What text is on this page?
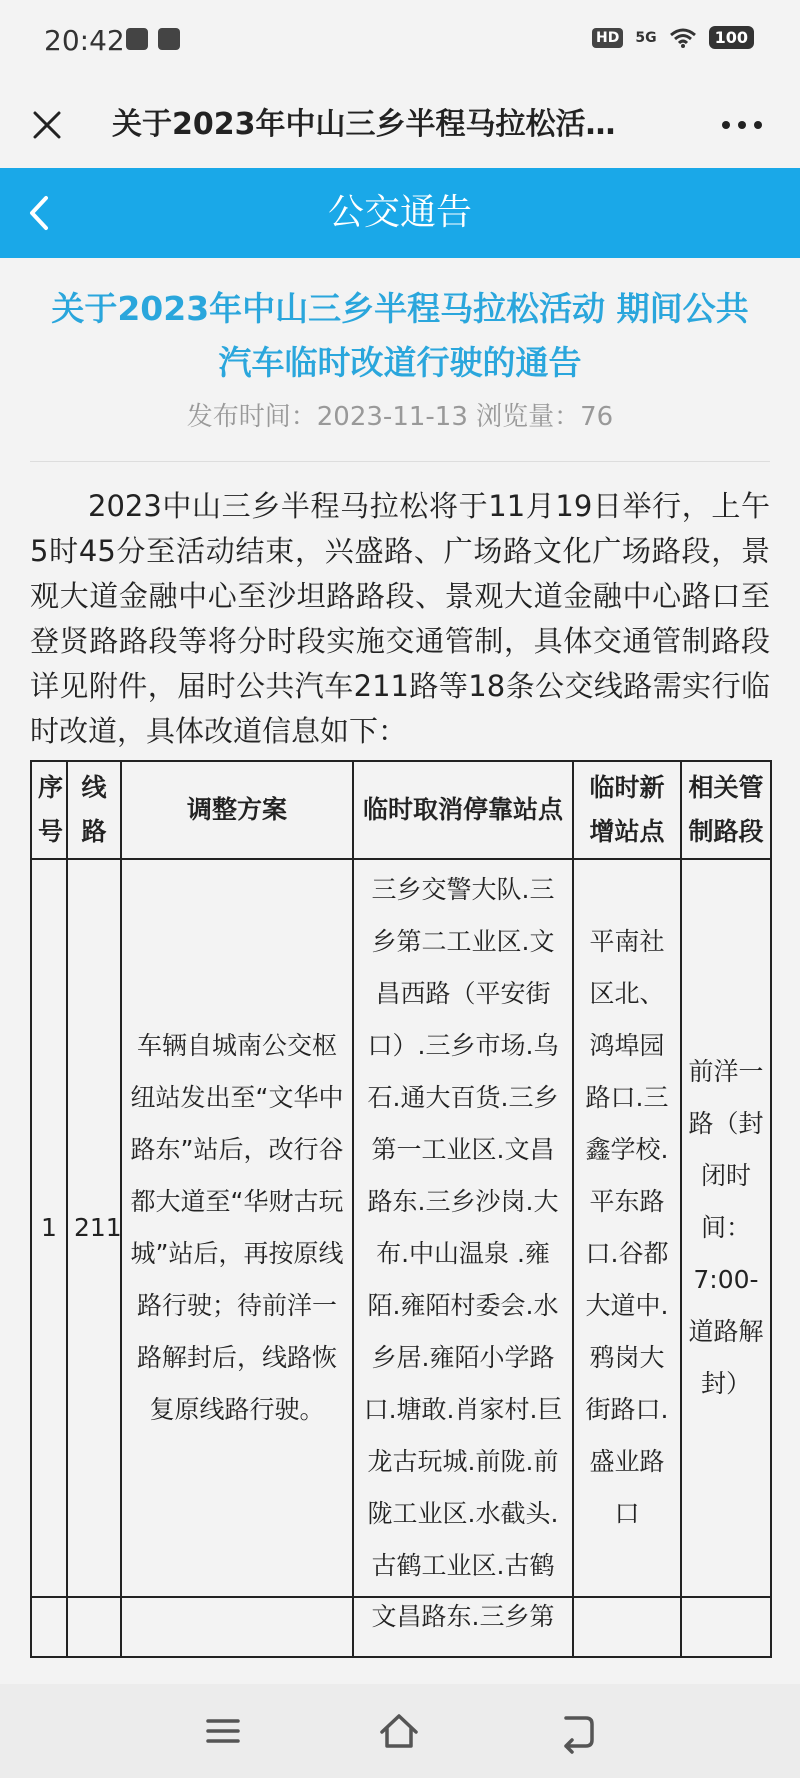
20:42	HD 5G	100
关于2023年中山三乡半程马拉松活…
公交通告
关于2023年中山三乡半程马拉松活动 期间公共汽车临时改道行驶的通告
发布时间：2023-11-13 浏览量：76

2023中山三乡半程马拉松将于11月19日举行，上午5时45分至活动结束，兴盛路、广场路文化广场路段，景观大道金融中心至沙坦路路段、景观大道金融中心路口至登贤路路段等将分时段实施交通管制，具体交通管制路段详见附件，届时公共汽车211路等18条公交线路需实行临时改道，具体改道信息如下：

序号	线路	调整方案	临时取消停靠站点	临时新增站点	相关管制路段
1	211	车辆自城南公交枢纽站发出至“文华中路东”站后，改行谷都大道至“华财古玩城”站后，再按原线路行驶；待前洋一路解封后，线路恢复原线路行驶。	三乡交警大队.三乡第二工业区.文昌西路（平安街口）.三乡市场.乌石.通大百货.三乡第一工业区.文昌路东.三乡沙岗.大布.中山温泉 .雍陌.雍陌村委会.水乡居.雍陌小学路口.塘敢.肖家村.巨龙古玩城.前陇.前陇工业区.水截头.古鹤工业区.古鹤	平南社区北、鸿埠园路口.三鑫学校.平东路口.谷都大道中.鸦岗大街路口.盛业路口	前洋一路（封闭时间：7:00-道路解封）
			文昌路东.三乡第		
